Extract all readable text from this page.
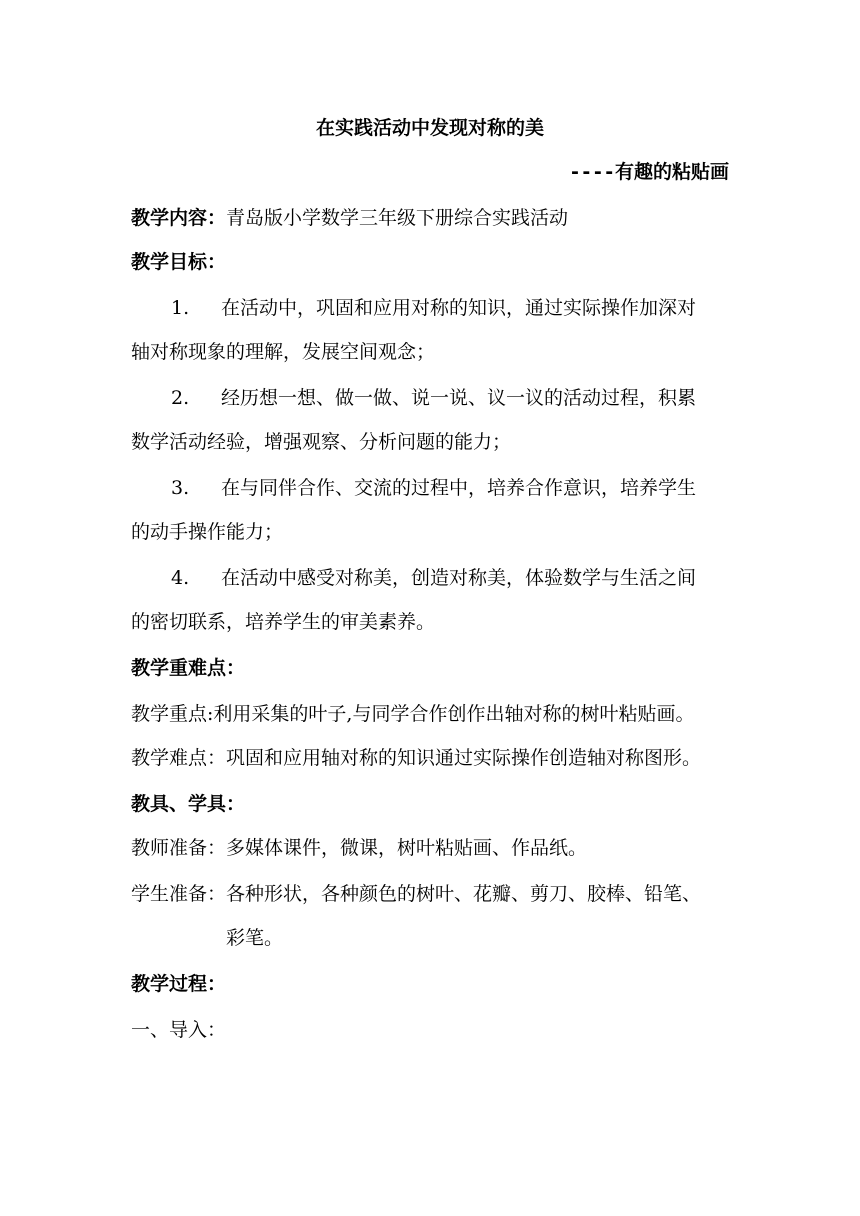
在实践活动中发现对称的美
----有趣的粘贴画
教学内容：青岛版小学数学三年级下册综合实践活动
教学目标：
1. 在活动中，巩固和应用对称的知识，通过实际操作加深对
轴对称现象的理解，发展空间观念；
2. 经历想一想、做一做、说一说、议一议的活动过程，积累
数学活动经验，增强观察、分析问题的能力；
3. 在与同伴合作、交流的过程中，培养合作意识，培养学生
的动手操作能力；
4. 在活动中感受对称美，创造对称美，体验数学与生活之间
的密切联系，培养学生的审美素养。
教学重难点：
教学重点:利用采集的叶子,与同学合作创作出轴对称的树叶粘贴画。
教学难点：巩固和应用轴对称的知识通过实际操作创造轴对称图形。
教具、学具：
教师准备：多媒体课件，微课，树叶粘贴画、作品纸。
学生准备：各种形状，各种颜色的树叶、花瓣、剪刀、胶棒、铅笔、
彩笔。
教学过程：
一、导入：
